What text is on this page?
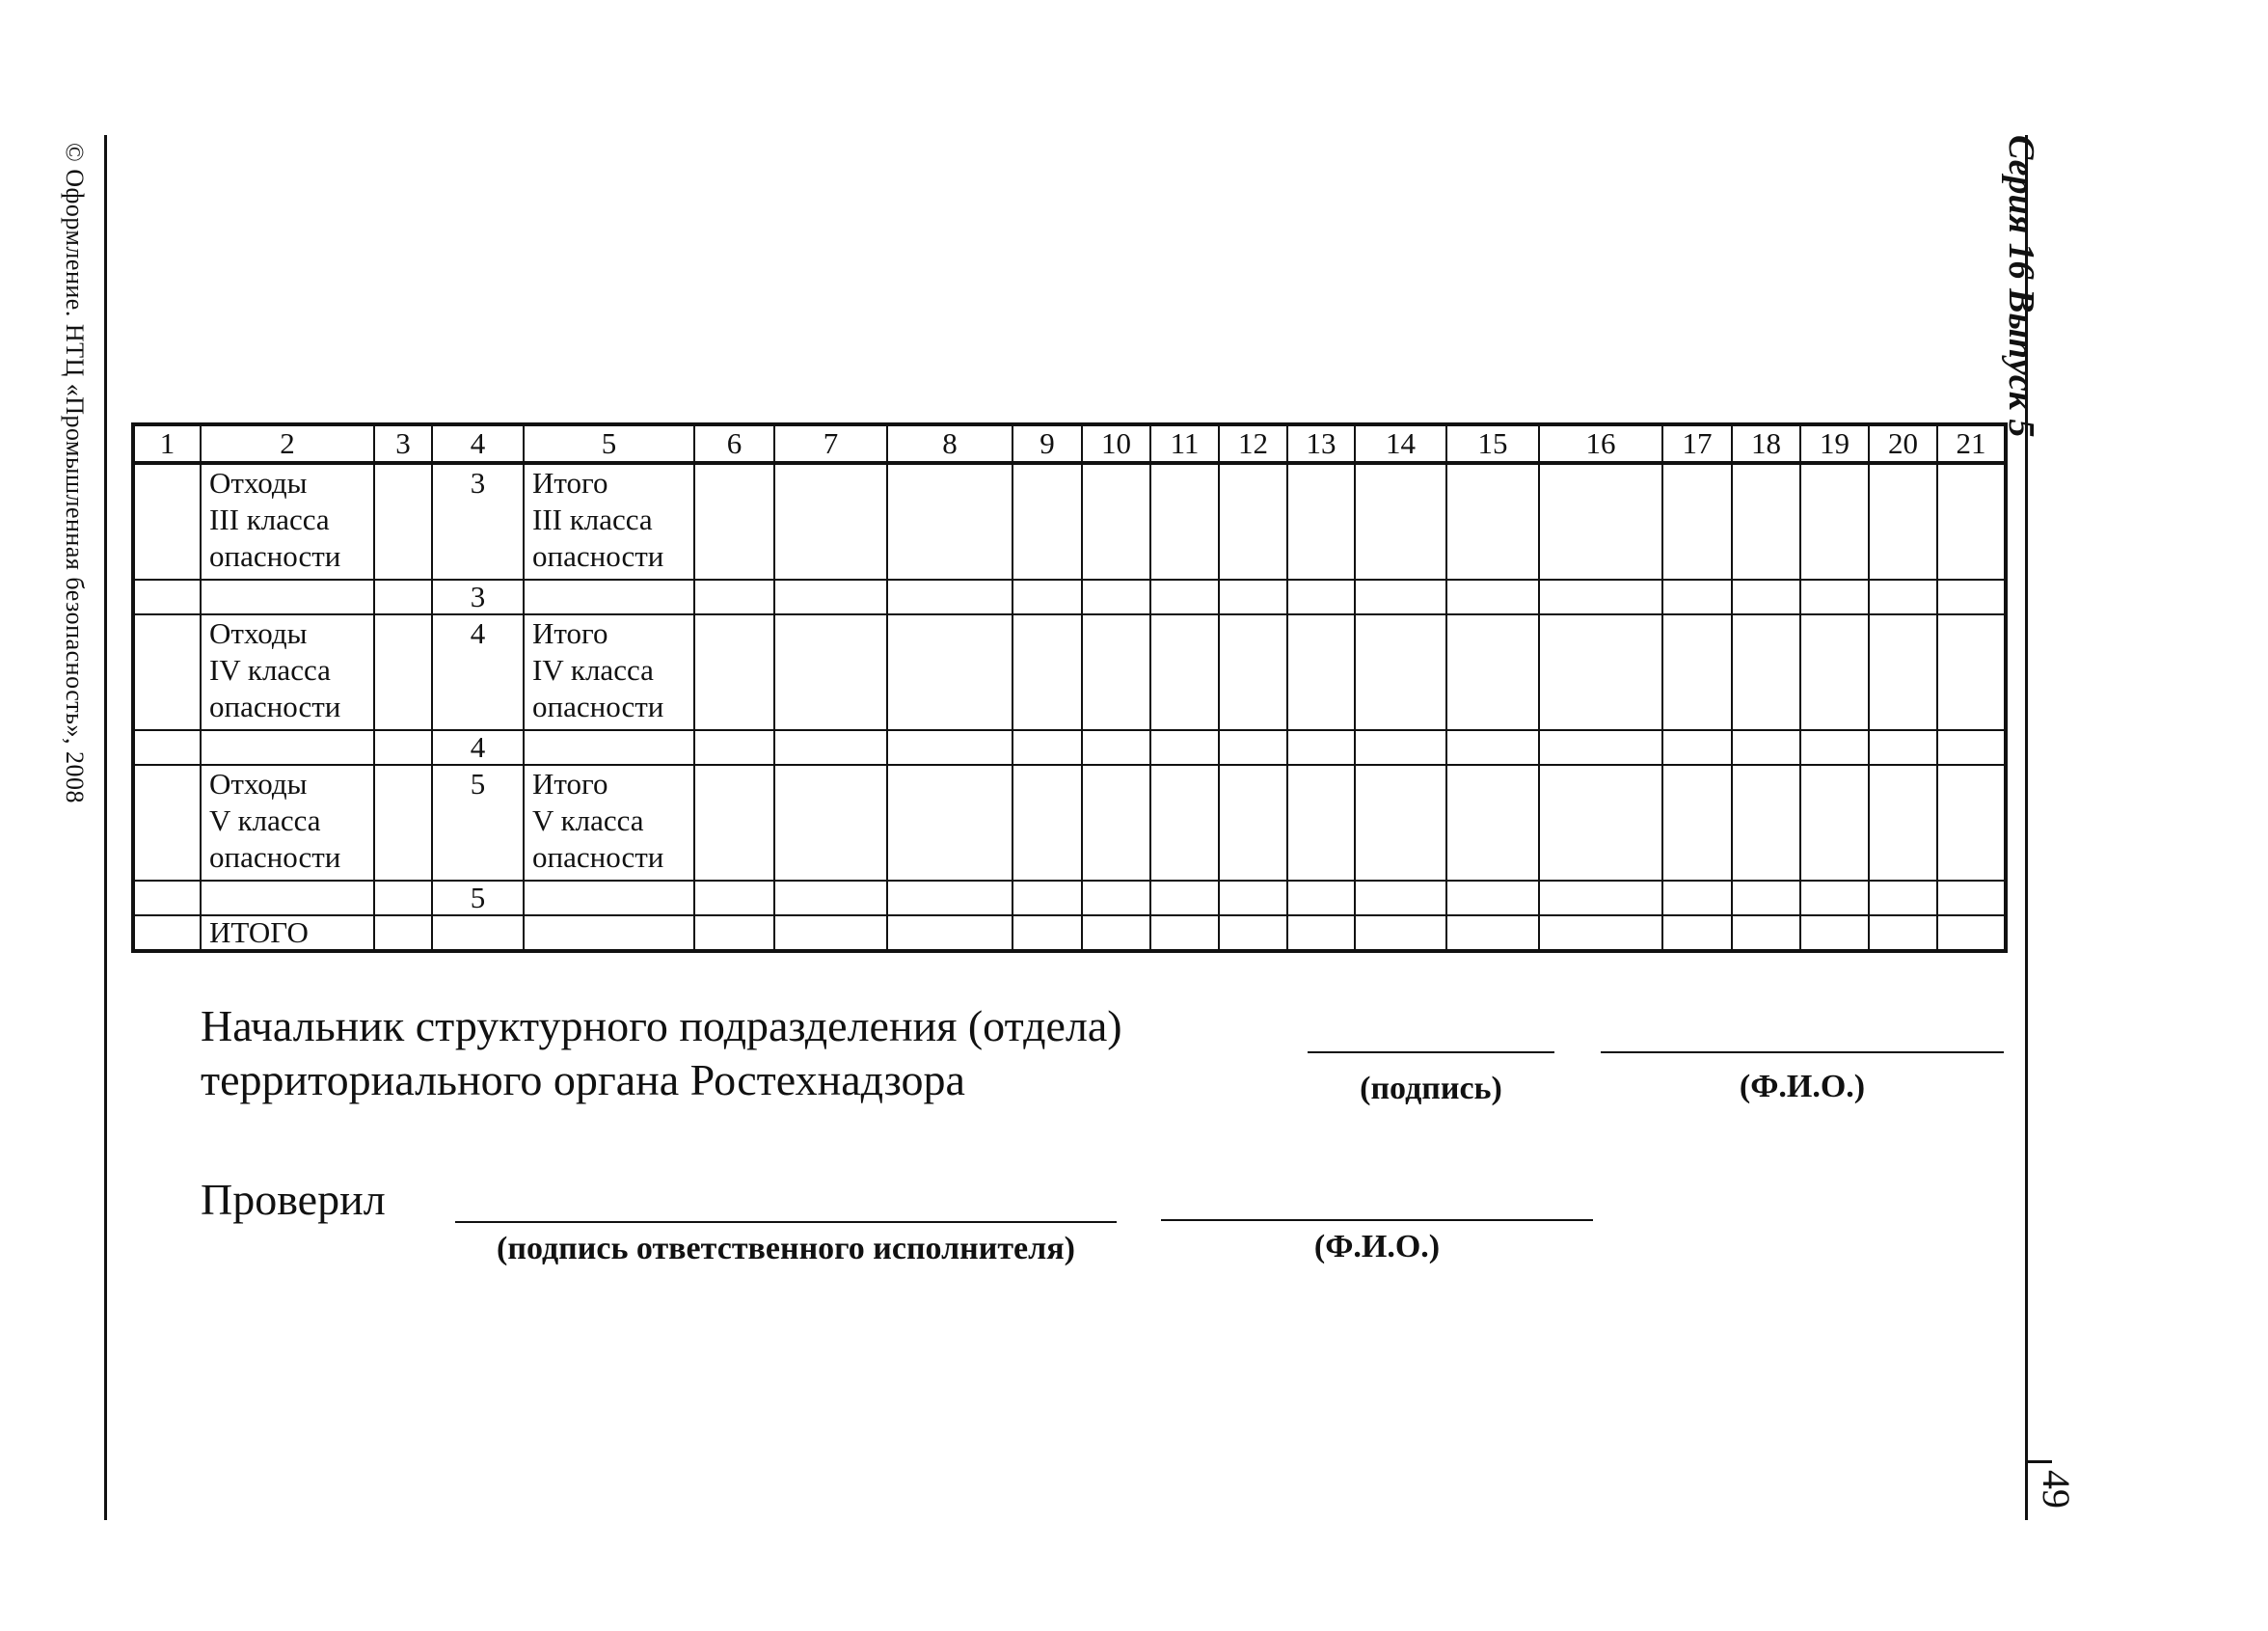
© Оформление. НТЦ «Промышленная безопасность», 2008	Серия 16 Выпуск 5
49
1	2	3	4	5	6	7	8	9	10	11	12	13	14	15	16	17	18	19	20	21
	Отходы
III класса
опасности		3	Итого
III класса
опасности																
			3																	
	Отходы
IV класса
опасности		4	Итого
IV класса
опасности																
			4																	
	Отходы
V класса
опасности		5	Итого
V класса
опасности																
			5																	
	ИТОГО																			
Начальник структурного подразделения (отдела)
территориального органа Ростехнадзора	(подпись)	(Ф.И.О.)
Проверил
(подпись ответственного исполнителя)	(Ф.И.О.)
